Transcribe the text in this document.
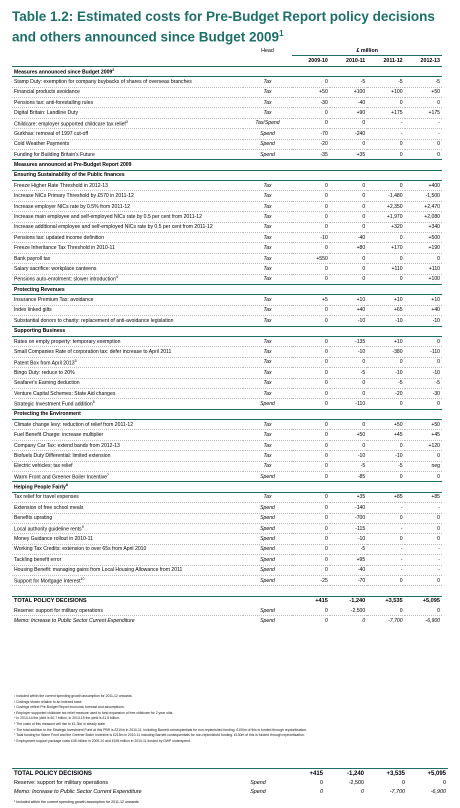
Table 1.2: Estimated costs for Pre-Budget Report policy decisions and others announced since Budget 2009$^1$
	Head	£ million			
		2009-10	2010-11	2011-12	2012-13
Measures announced since Budget 2009$^2$					
Stamp Duty: exemption for company buybacks of shares of overseas branches	Tax	0	-5	-5	-5
Financial products avoidance	Tax	+50	+100	+100	+50
Pensions tax: anti-forestalling rules	Tax	-30	-40	0	0
Digital Britain: Landline Duty	Tax	0	+90	+175	+175
Childcare: employer supported childcare tax relief$^3$	Tax/Spend	0	0	-	-
Gurkhas: removal of 1997 cut-off	Spend	-70	-240	-	-
Cold Weather Payments	Spend	-20	0	0	0
Funding for Building Britain's Future	Spend	-35	+35	0	0
Measures announced at Pre-Budget Report 2009					
Ensuring Sustainability of the Public finances					
Freeze Higher Rate Threshold in 2012-13	Tax	0	0	0	+400
Increase NICs Primary Threshold by £570 in 2011-12	Tax	0	0	-1,480	-1,500
Increase employer NICs rate by 0.5% from 2011-12	Tax	0	0	+2,350	+2,470
Increase main employee and self-employed NICs rate by 0.5 per cent from 2011-12	Tax	0	0	+1,970	+2,080
Increase additional employee and self-employed NICs rate by 0.5 per cent from 2011-12	Tax	0	0	+320	+340
Pensions tax: updated income definition	Tax	-10	-40	0	+500
Freeze Inheritance Tax Threshold in 2010-11	Tax	0	+80	+170	+190
Bank payroll tax	Tax	+550	0	0	0
Salary sacrifice: workplace canteens	Tax	0	0	+110	+110
Pensions auto-enrolment: slower introduction$^4$	Tax	0	0	0	+100
Protecting Revenues					
Insurance Premium Tax: avoidance	Tax	+5	+10	+10	+10
Index linked gilts	Tax	0	+40	+65	+40
Substantial donors to charity: replacement of anti-avoidance legislation	Tax	0	-10	-10	-10
Supporting Business					
Rates on empty property: temporary exemption	Tax	0	-135	+10	0
Small Companies Rate of corporation tax: defer increase to April 2011	Tax	0	-10	-380	-110
Patent Box from April 2013$^5$	Tax	0	0	0	0
Bingo Duty: reduce to 20%	Tax	0	-5	-10	-10
Seafarer's Earning deduction	Tax	0	0	-5	-5
Venture Capital Schemes: State Aid changes	Tax	0	0	-20	-30
Strategic Investment Fund addition$^6$	Spend	0	-110	0	0
Protecting the Environment					
Climate change levy: reduction of relief from 2011-12	Tax	0	0	+50	+50
Fuel Benefit Charge: increase multiplier	Tax	0	+50	+45	+45
Company Car Tax: extend bands from 2012-13	Tax	0	0	0	+120
Biofuels Duty Differential: limited extension	Tax	0	-10	-10	0
Electric vehicles: tax relief	Tax	0	-5	-5	neg
Warm Front and Greener Boiler Incentive$^7$	Spend	0	-85	0	0
Helping People Fairly$^8$					
Tax relief for travel expenses	Tax	0	+35	+85	+85
Extension of free school meals	Spend	0	-140	-	-
Benefits uprating	Spend	0	-700	0	0
Local authority guideline rents$^9$	Spend	0	-115	-	0
Money Guidance rollout in 2010-11	Spend	0	-10	0	0
Working Tax Credits: extension to over 65s from April 2010	Spend	0	-5	-	-
Tackling benefit error	Spend	0	+95	-	-
Housing Benefit: managing gains from Local Housing Allowance from 2011	Spend	0	-40	-	-
Support for Mortgage Interest$^{10}$	Spend	-25	-70	0	0

TOTAL POLICY DECISIONS		+415	-1,240	+3,535	+5,095
Reserve: support for military operations	Spend	0	-2,500	0	0
Memo: Increase to Public Sector Current Expenditure	Spend	0	0	-7,700	-6,900
¹ Included within the current spending growth assumption for 2011-12 onwards.
² Costings shown relative to an indexed base.
³ Costings reflect Pre-Budget Report economic forecast and assumptions.
³ Employer supported childcare tax relief measure used to fund expansion of free childcare for 2 year olds.
⁴ In 2013-14 the yield is £0.7 billion, in 2014-15 the yield is £1.6 billion.
⁵ The costs of this measure will rise to £1.3bn in steady state
⁶ The total addition to the Strategic Investment Fund at this PBR is £210m in 2010-11, including Barnett consequentials for non-replenished funding. £100m of this is funded through reprioritisation.
⁷ Total funding for Warm Front and the Greener Boiler Incentive is £215m in 2010-11 including Barnett consequentials for non-replenished funding. £130m of this is funded through reprioritisation.
⁸ Employment support package costs £45 million in 2009-10 and £155 million in 2010-11 funded by DWP underspend.
TOTAL POLICY DECISIONS		+415	-1,240	+3,535	+5,095
Reserve: support for military operations	Spend	0	-2,500	0	0
Memo: Increase to Public Sector Current Expenditure	Spend	0	0	-7,700	-6,900
¹ Included within the current spending growth assumption for 2011-12 onwards.
